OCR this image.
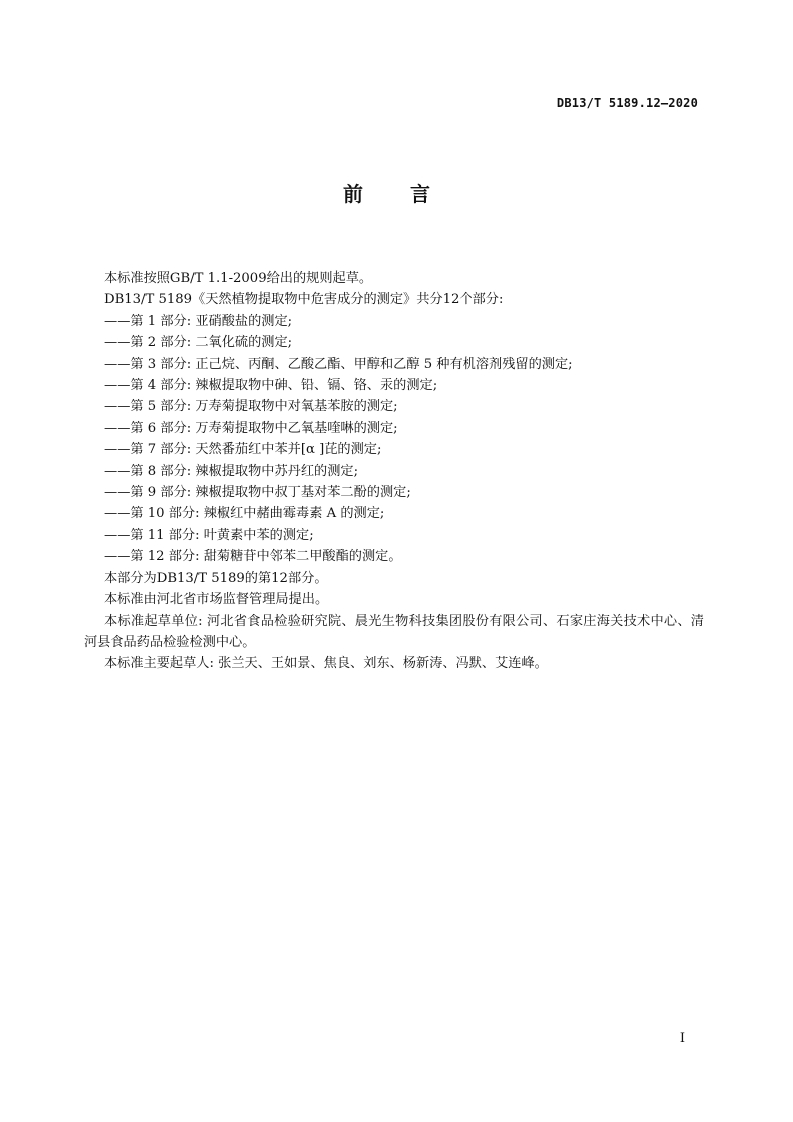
DB13/T 5189.12—2020
前 言

本标准按照GB/T 1.1-2009给出的规则起草。

DB13/T 5189《天然植物提取物中危害成分的测定》共分12个部分:

——第 1 部分: 亚硝酸盐的测定;

——第 2 部分: 二氧化硫的测定;

——第 3 部分: 正己烷、丙酮、乙酸乙酯、甲醇和乙醇 5 种有机溶剂残留的测定;

——第 4 部分: 辣椒提取物中砷、铅、镉、铬、汞的测定;

——第 5 部分: 万寿菊提取物中对氧基苯胺的测定;

——第 6 部分: 万寿菊提取物中乙氧基喹啉的测定;

——第 7 部分: 天然番茄红中苯并[α ]芘的测定;

——第 8 部分: 辣椒提取物中苏丹红的测定;

——第 9 部分: 辣椒提取物中叔丁基对苯二酚的测定;

——第 10 部分: 辣椒红中赭曲霉毒素 A 的测定;

——第 11 部分: 叶黄素中苯的测定;

——第 12 部分: 甜菊糖苷中邻苯二甲酸酯的测定。

本部分为DB13/T 5189的第12部分。

本标准由河北省市场监督管理局提出。

本标准起草单位: 河北省食品检验研究院、晨光生物科技集团股份有限公司、石家庄海关技术中心、清河县食品药品检验检测中心。

本标准主要起草人: 张兰天、王如景、焦良、刘东、杨新涛、冯默、艾连峰。

I
